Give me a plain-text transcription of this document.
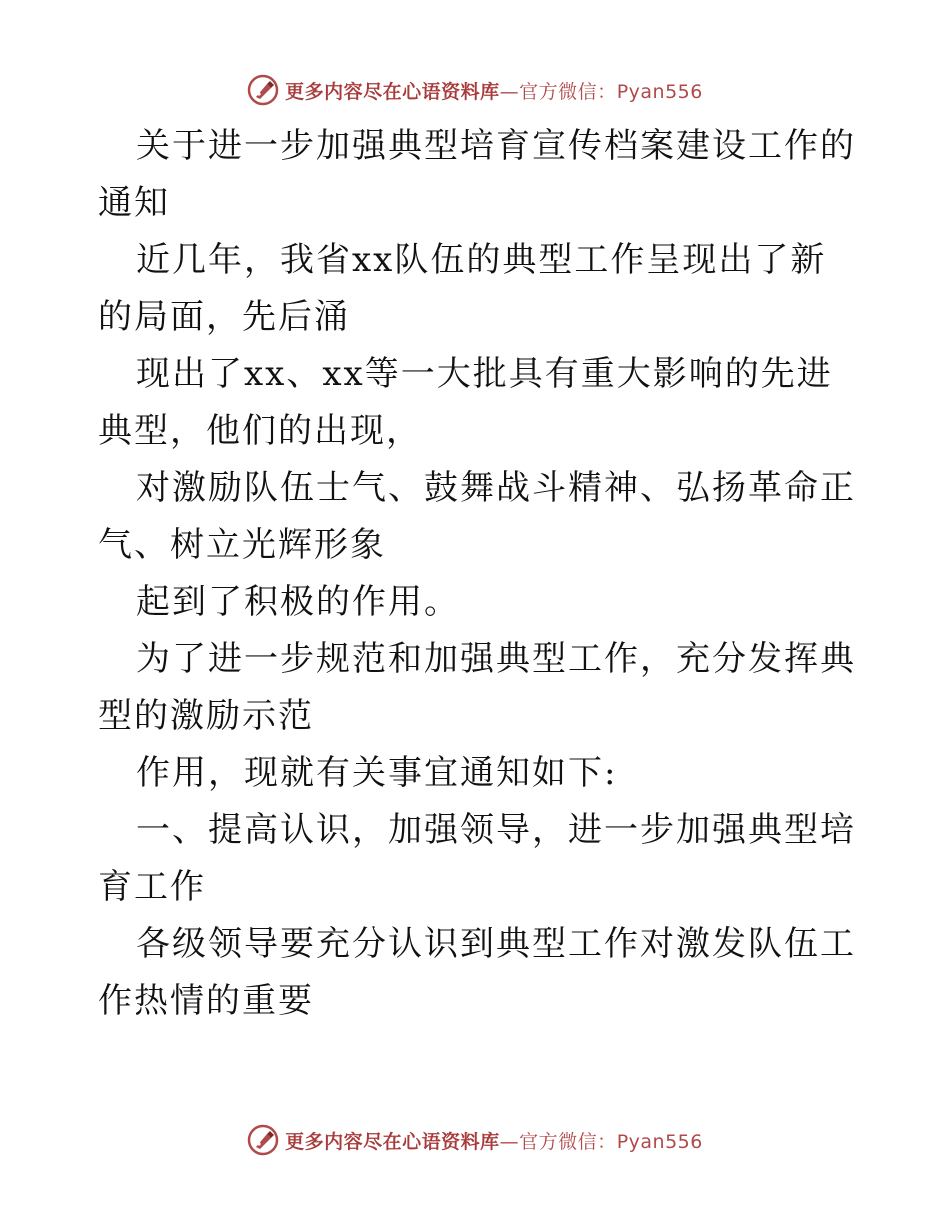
更多内容尽在心语资料库—官方微信：Pyan556

关于进一步加强典型培育宣传档案建设工作的通知

近几年，我省xx队伍的典型工作呈现出了新的局面，先后涌

现出了xx、xx等一大批具有重大影响的先进典型，他们的出现，

对激励队伍士气、鼓舞战斗精神、弘扬革命正气、树立光辉形象

起到了积极的作用。

为了进一步规范和加强典型工作，充分发挥典型的激励示范

作用，现就有关事宜通知如下:

一、提高认识，加强领导，进一步加强典型培育工作

各级领导要充分认识到典型工作对激发队伍工作热情的重要

更多内容尽在心语资料库—官方微信：Pyan556
